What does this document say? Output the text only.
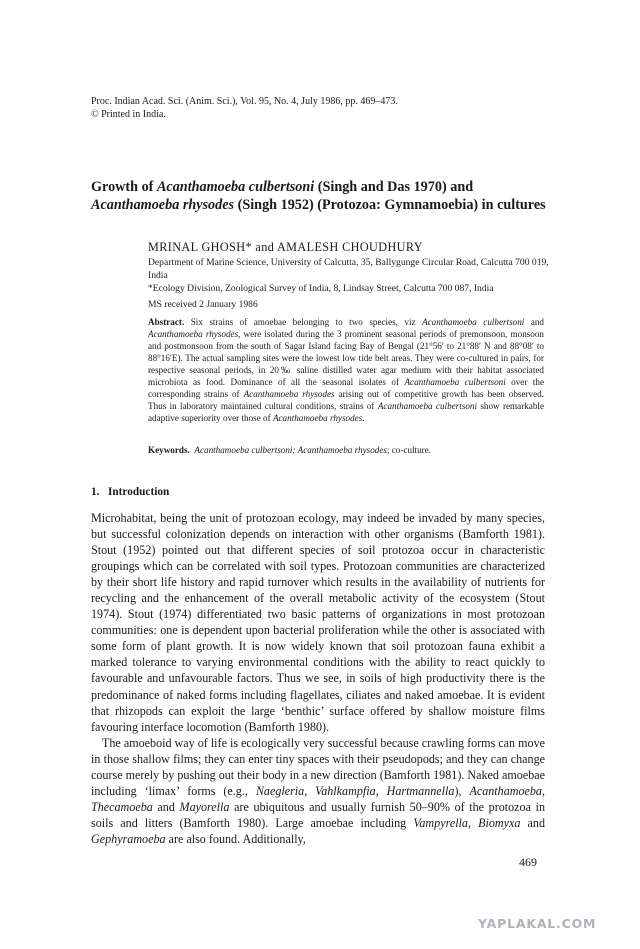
Proc. Indian Acad. Sci. (Anim. Sci.), Vol. 95, No. 4, July 1986, pp. 469–473.
© Printed in India.
Growth of Acanthamoeba culbertsoni (Singh and Das 1970) and Acanthamoeba rhysodes (Singh 1952) (Protozoa: Gymnamoebia) in cultures
MRINAL GHOSH* and AMALESH CHOUDHURY
Department of Marine Science, University of Calcutta, 35, Ballygunge Circular Road, Calcutta 700 019, India
*Ecology Division, Zoological Survey of India, 8, Lindsay Street, Calcutta 700 087, India
MS received 2 January 1986
Abstract. Six strains of amoebae belonging to two species, viz Acanthamoeba culbertsoni and Acanthamoeba rhysodes, were isolated during the 3 prominent seasonal periods of premonsoon, monsoon and postmonsoon from the south of Sagar Island facing Bay of Bengal (21°56′ to 21°88′ N and 88°08′ to 88°16′E). The actual sampling sites were the lowest low tide belt areas. They were co-cultured in pairs, for respective seasonal periods, in 20‰ saline distilled water agar medium with their habitat associated microbiota as food. Dominance of all the seasonal isolates of Acanthamoeba culbertsoni over the corresponding strains of Acanthamoeba rhysodes arising out of competitive growth has been observed. Thus in laboratory maintained cultural conditions, strains of Acanthamoeba culbertsoni show remarkable adaptive superiority over those of Acanthamoeba rhysodes.
Keywords. Acanthamoeba culbertsoni; Acanthamoeba rhysodes; co-culture.
1. Introduction

Microhabitat, being the unit of protozoan ecology, may indeed be invaded by many species, but successful colonization depends on interaction with other organisms (Bamforth 1981). Stout (1952) pointed out that different species of soil protozoa occur in characteristic groupings which can be correlated with soil types. Protozoan communities are characterized by their short life history and rapid turnover which results in the availability of nutrients for recycling and the enhancement of the overall metabolic activity of the ecosystem (Stout 1974). Stout (1974) differentiated two basic patterns of organizations in most protozoan communities: one is dependent upon bacterial proliferation while the other is associated with some form of plant growth. It is now widely known that soil protozoan fauna exhibit a marked tolerance to varying environmental conditions with the ability to react quickly to favourable and unfavourable factors. Thus we see, in soils of high productivity there is the predominance of naked forms including flagellates, ciliates and naked amoebae. It is evident that rhizopods can exploit the large ‘benthic’ surface offered by shallow moisture films favouring interface locomotion (Bamforth 1980).

The amoeboid way of life is ecologically very successful because crawling forms can move in those shallow films; they can enter tiny spaces with their pseudopods; and they can change course merely by pushing out their body in a new direction (Bamforth 1981). Naked amoebae including ‘limax’ forms (e.g., Naegleria, Vahlkampfia, Hartmannella), Acanthamoeba, Thecamoeba and Mayorella are ubiquitous and usually furnish 50–90% of the protozoa in soils and litters (Bamforth 1980). Large amoebae including Vampyrella, Biomyxa and Gephyramoeba are also found. Additionally,

469
YAPLAKAL.COM
